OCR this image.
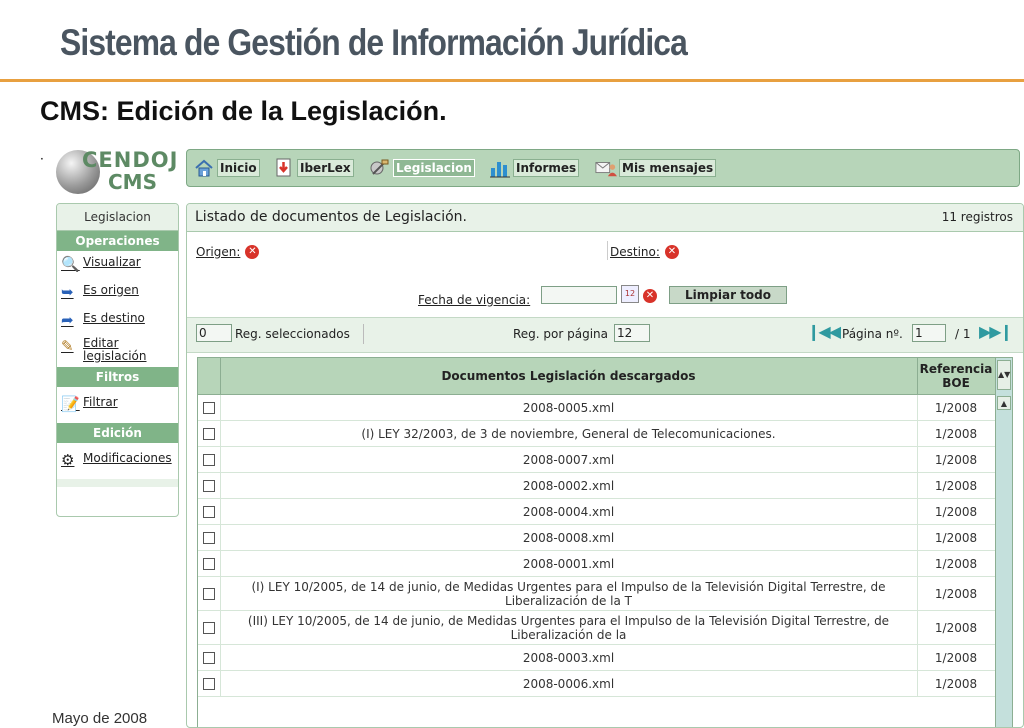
Sistema de Gestión de Información Jurídica
CMS: Edición de la Legislación.
· CENDOJ
CMS
Inicio	IberLex	Legislacion	Informes	Mis mensajes
Legislacion
Operaciones
🔍 Visualizar
➥ Es origen
➦ Es destino
✎ Editar legislación
Filtros
📝 Filtrar
Edición
⚙ Modificaciones
Listado de documentos de Legislación.	11 registros
Origen: ✕	Destino: ✕
Fecha de vigencia:	12	✕	Limpiar todo
0	Reg. seleccionados	Reg. por página 12	❙◀◀ Página nº. 1	/ 1 ▶▶❙
Documentos Legislación descargados	Referencia BOE
2008-0005.xml	1/2008
(I) LEY 32/2003, de 3 de noviembre, General de Telecomunicaciones.	1/2008
2008-0007.xml	1/2008
2008-0002.xml	1/2008
2008-0004.xml	1/2008
2008-0008.xml	1/2008
2008-0001.xml	1/2008
(I) LEY 10/2005, de 14 de junio, de Medidas Urgentes para el Impulso de la Televisión Digital Terrestre, de Liberalización de la T	1/2008
(III) LEY 10/2005, de 14 de junio, de Medidas Urgentes para el Impulso de la Televisión Digital Terrestre, de Liberalización de la	1/2008
2008-0003.xml	1/2008
2008-0006.xml	1/2008
▲▼
▲
Mayo de 2008
